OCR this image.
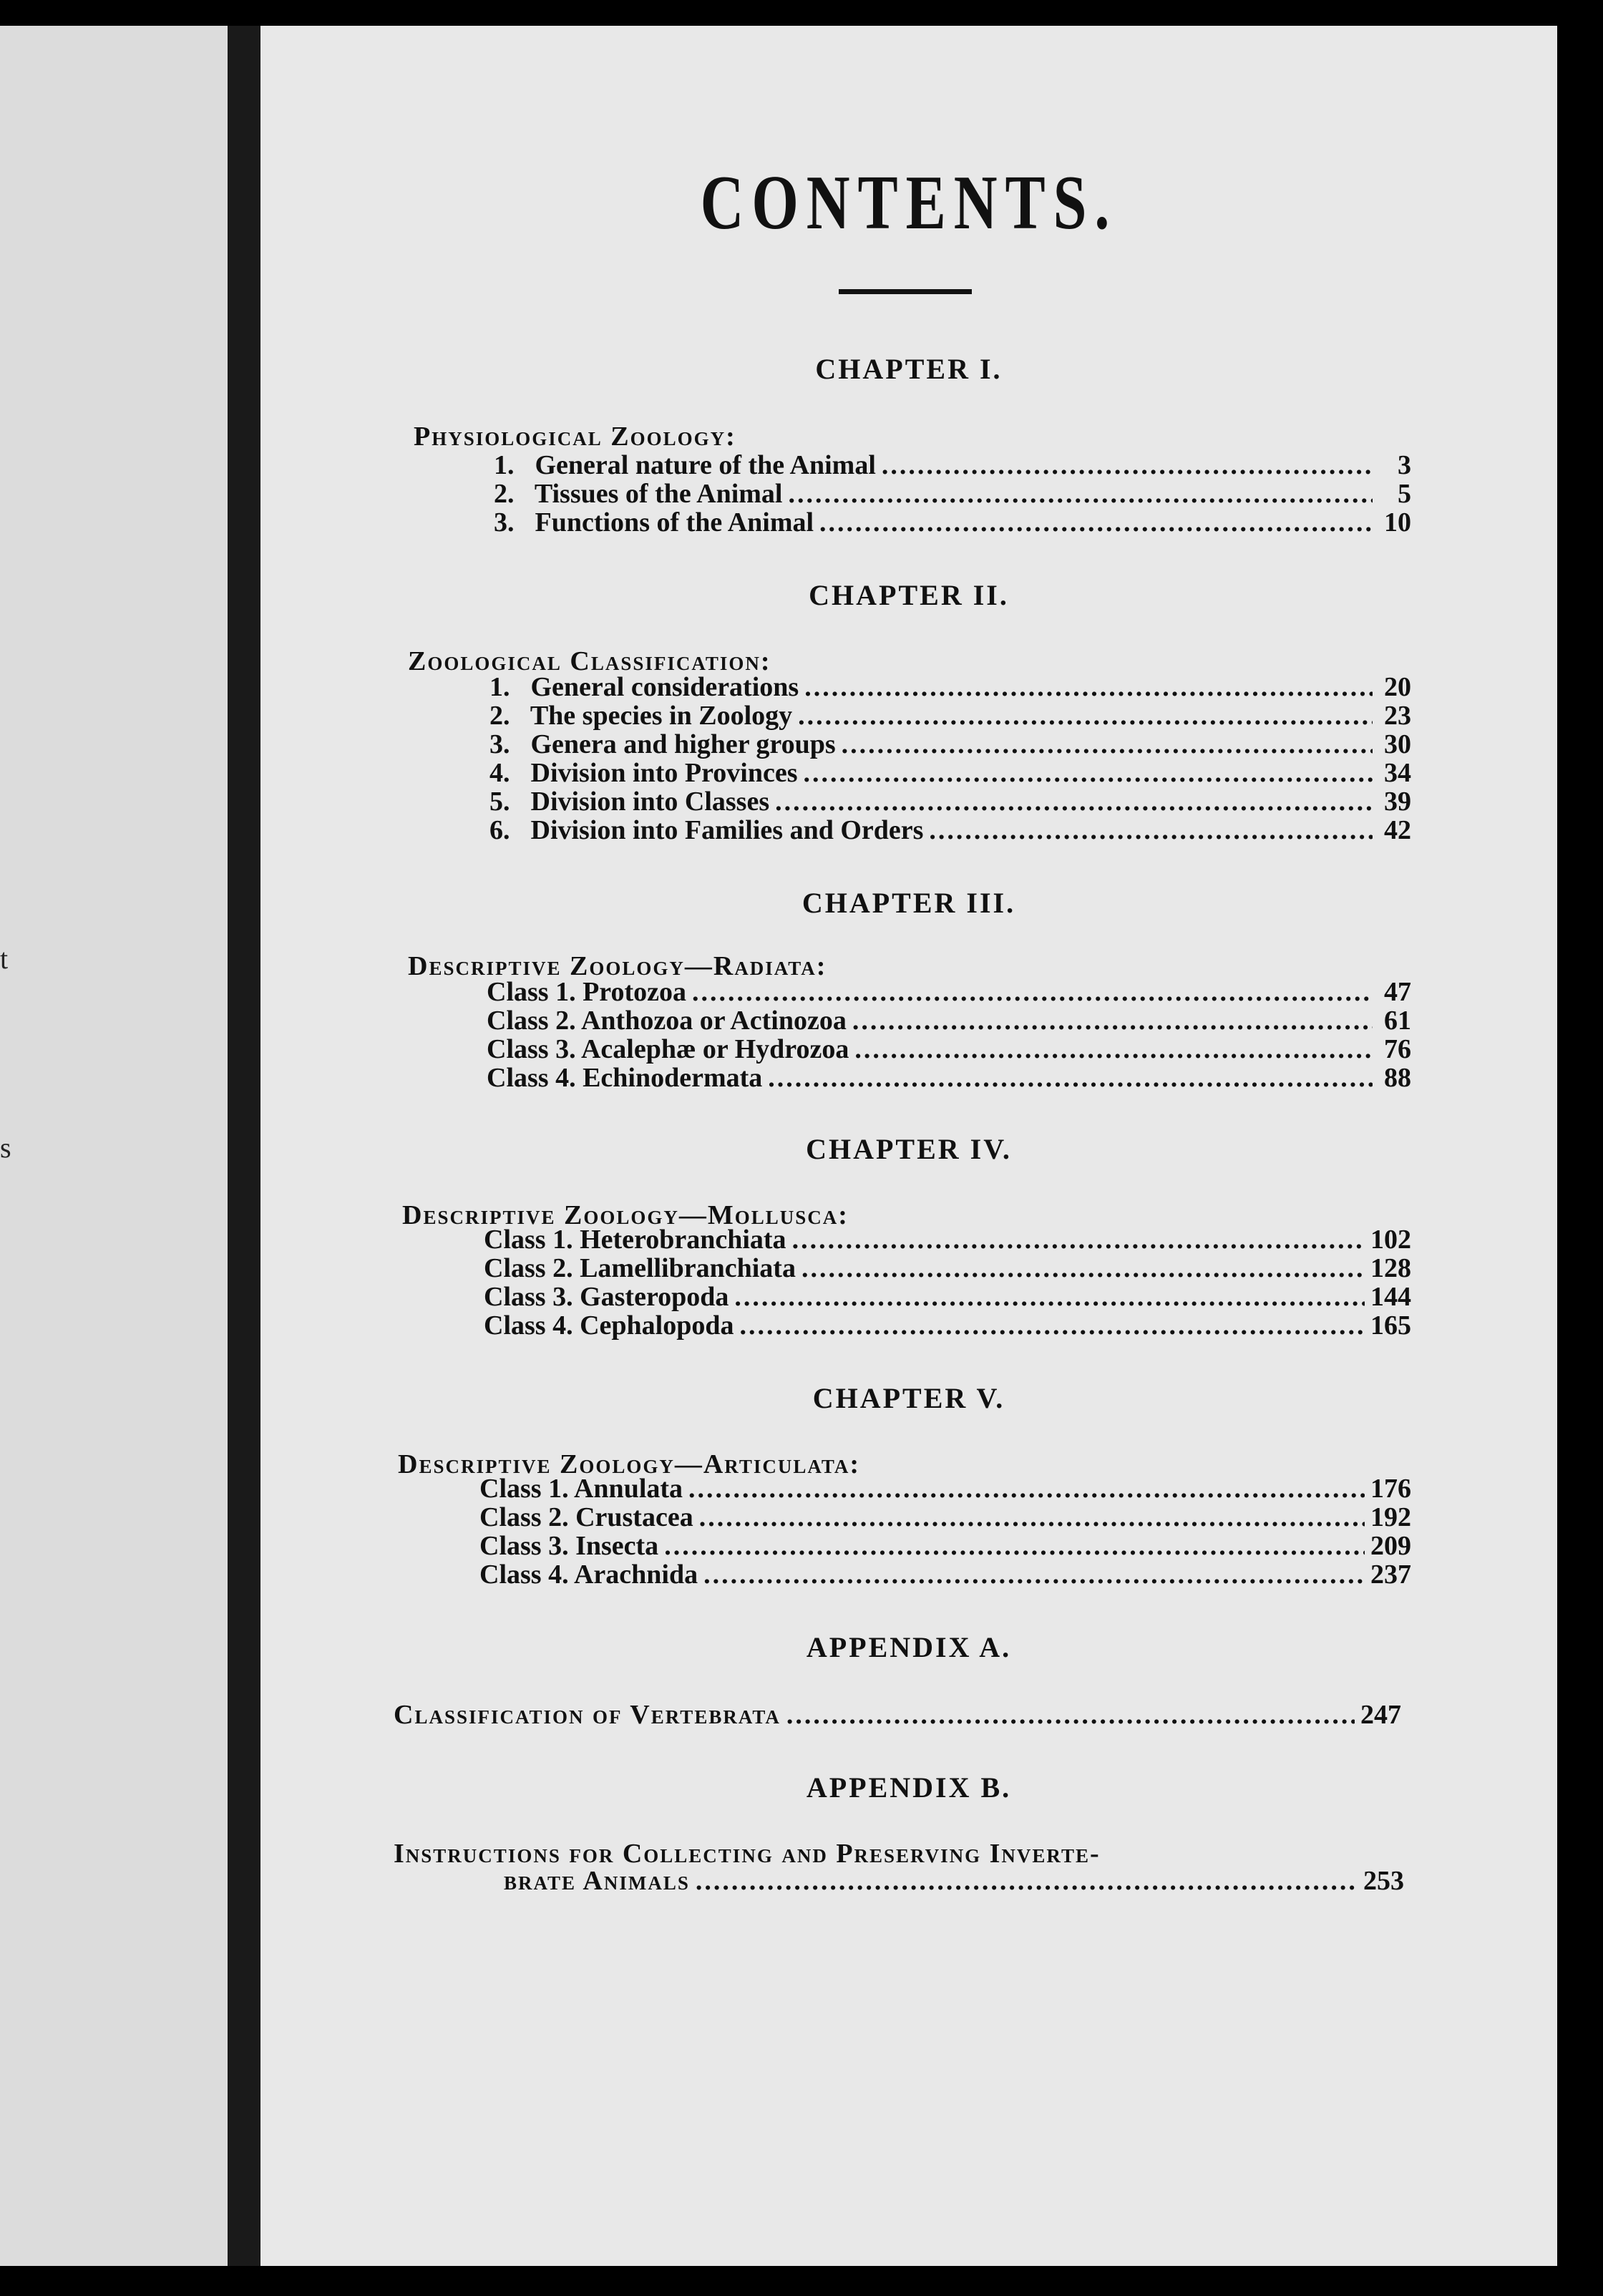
t
s
CONTENTS.
CHAPTER I.
Physiological Zoology:
1. General nature of the Animal .....	3
2. Tissues of the Animal .....	5
3. Functions of the Animal .....	10
CHAPTER II.
Zoological Classification:
1. General considerations .....	20
2. The species in Zoology .....	23
3. Genera and higher groups .....	30
4. Division into Provinces .....	34
5. Division into Classes .....	39
6. Division into Families and Orders .....	42
CHAPTER III.
Descriptive Zoology—Radiata:
Class 1. Protozoa .....	47
Class 2. Anthozoa or Actinozoa .....	61
Class 3. Acalephæ or Hydrozoa .....	76
Class 4. Echinodermata .....	88
CHAPTER IV.
Descriptive Zoology—Mollusca:
Class 1. Heterobranchiata .....	102
Class 2. Lamellibranchiata .....	128
Class 3. Gasteropoda .....	144
Class 4. Cephalopoda .....	165
CHAPTER V.
Descriptive Zoology—Articulata:
Class 1. Annulata .....	176
Class 2. Crustacea .....	192
Class 3. Insecta .....	209
Class 4. Arachnida .....	237
APPENDIX A.
Classification of Vertebrata .....	247
APPENDIX B.
Instructions for Collecting and Preserving Inverte-
brate Animals .....	253
